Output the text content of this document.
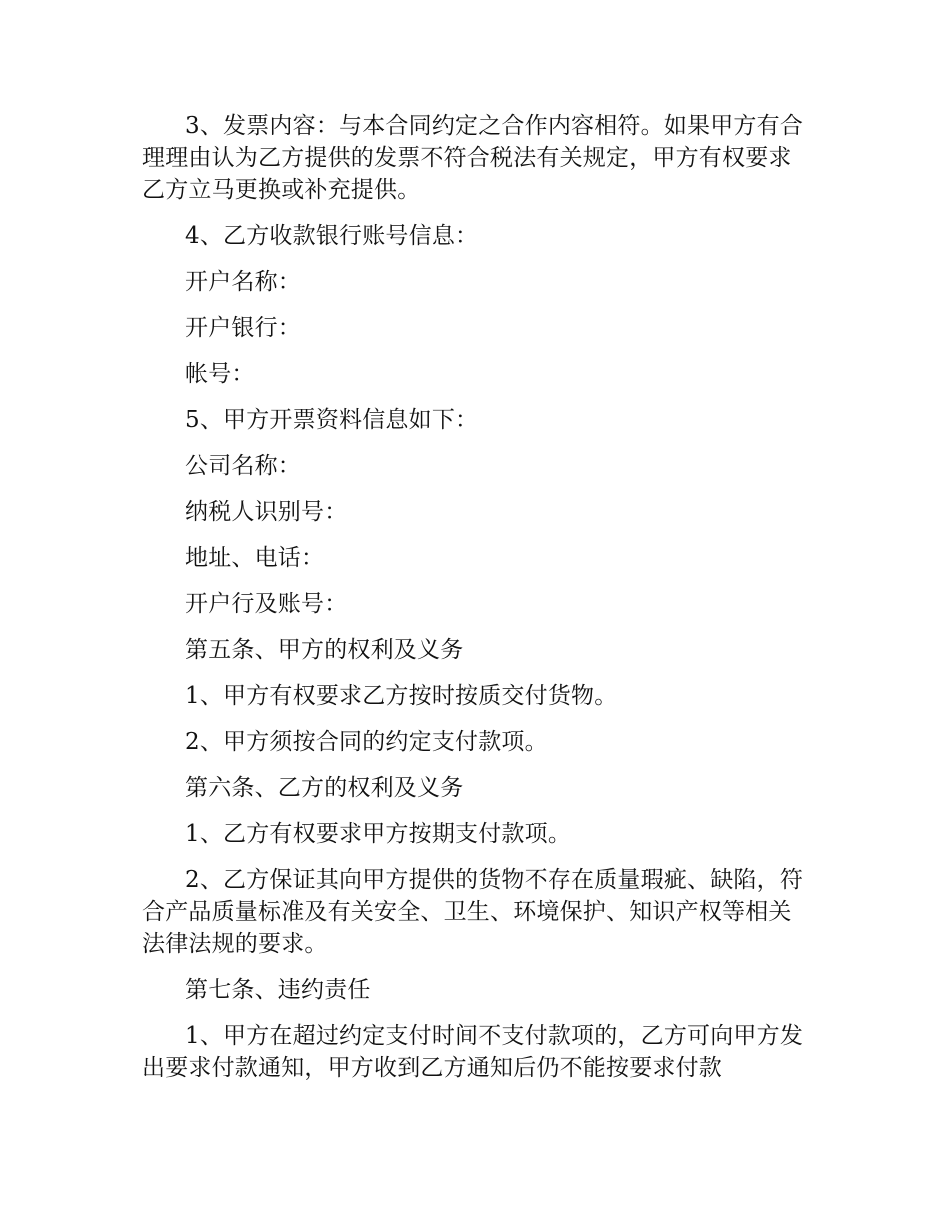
3、发票内容：与本合同约定之合作内容相符。如果甲方有合理理由认为乙方提供的发票不符合税法有关规定，甲方有权要求乙方立马更换或补充提供。

4、乙方收款银行账号信息：

开户名称：

开户银行：

帐号：

5、甲方开票资料信息如下：

公司名称：

纳税人识别号：

地址、电话：

开户行及账号：

第五条、甲方的权利及义务

1、甲方有权要求乙方按时按质交付货物。

2、甲方须按合同的约定支付款项。

第六条、乙方的权利及义务

1、乙方有权要求甲方按期支付款项。

2、乙方保证其向甲方提供的货物不存在质量瑕疵、缺陷，符合产品质量标准及有关安全、卫生、环境保护、知识产权等相关法律法规的要求。

第七条、违约责任

1、甲方在超过约定支付时间不支付款项的，乙方可向甲方发出要求付款通知，甲方收到乙方通知后仍不能按要求付款
